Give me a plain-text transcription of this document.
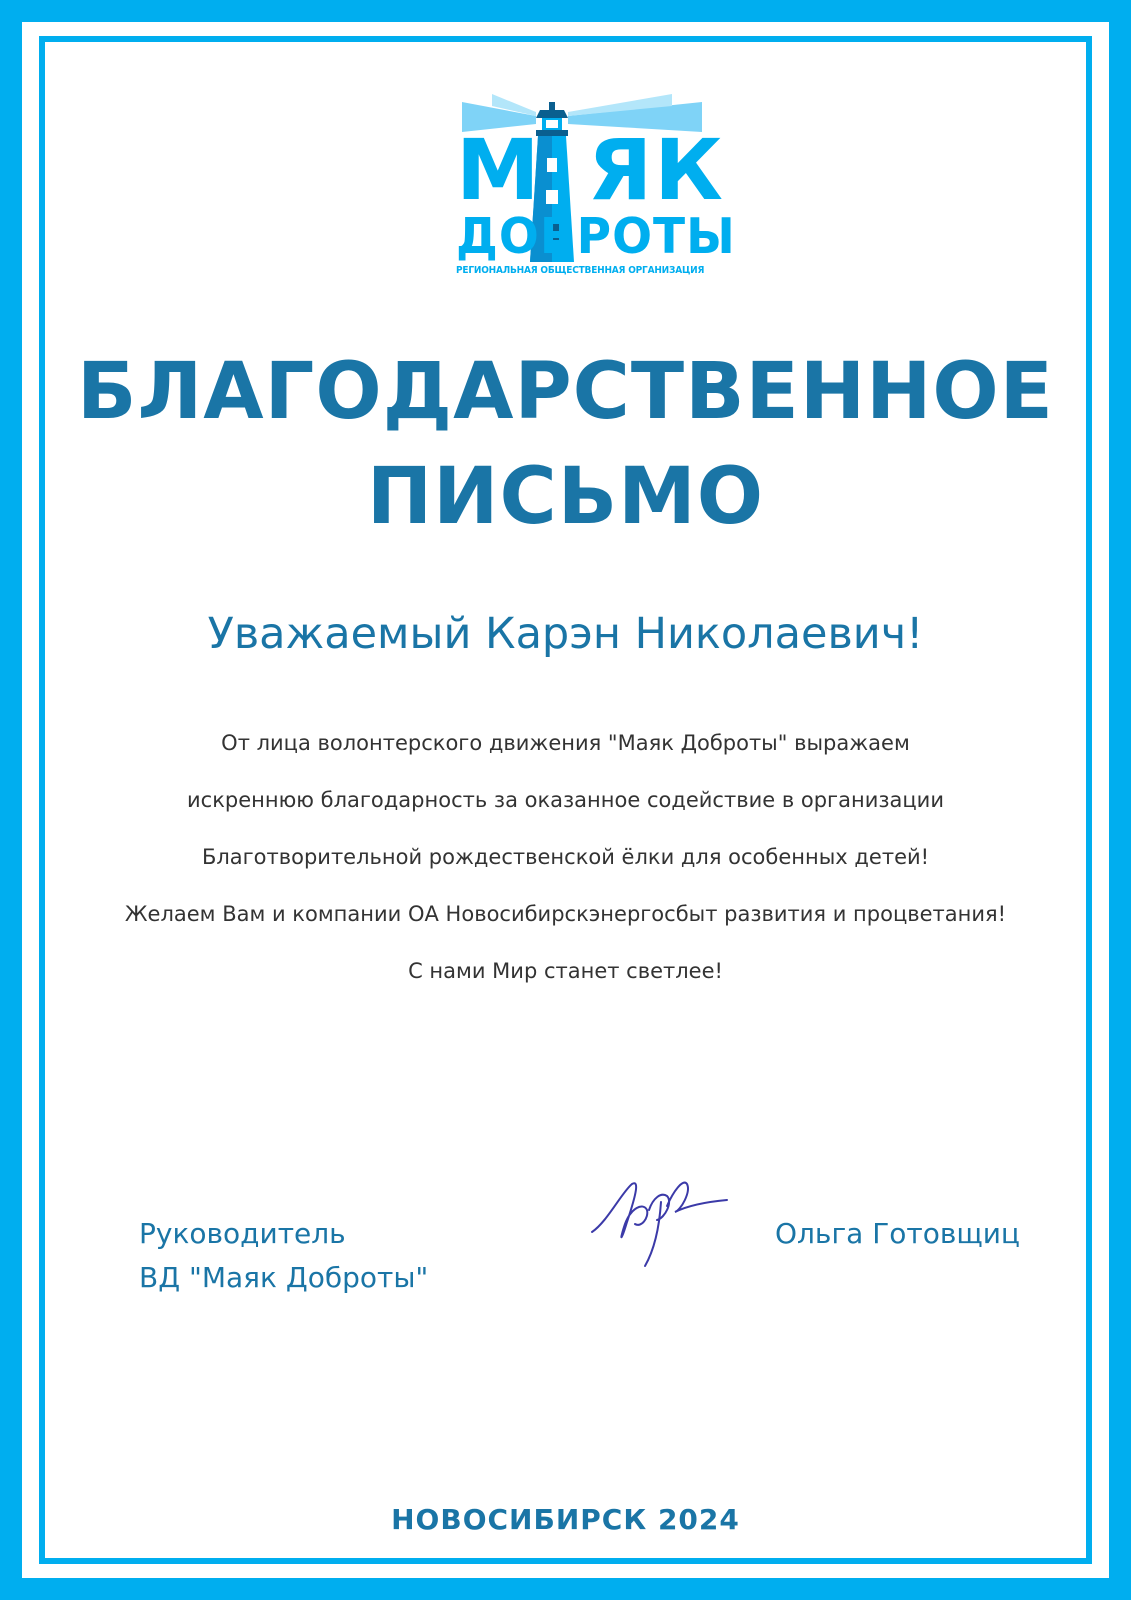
М ЯК
ДОБРОТЫ
РЕГИОНАЛЬНАЯ ОБЩЕСТВЕННАЯ ОРГАНИЗАЦИЯ
БЛАГОДАРСТВЕННОЕ
ПИСЬМО
Уважаемый Карэн Николаевич!
От лица волонтерского движения "Маяк Доброты" выражаем
искреннюю благодарность за оказанное содействие в организации
Благотворительной рождественской ёлки для особенных детей!
Желаем Вам и компании ОА Новосибирскэнергосбыт развития и процветания!
С нами Мир станет светлее!
Руководитель
ВД "Маяк Доброты"
Ольга Готовщиц
НОВОСИБИРСК 2024
